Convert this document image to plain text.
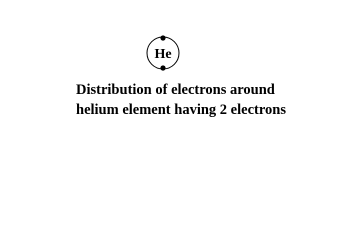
He
Distribution of electrons around
helium element having 2 electrons
